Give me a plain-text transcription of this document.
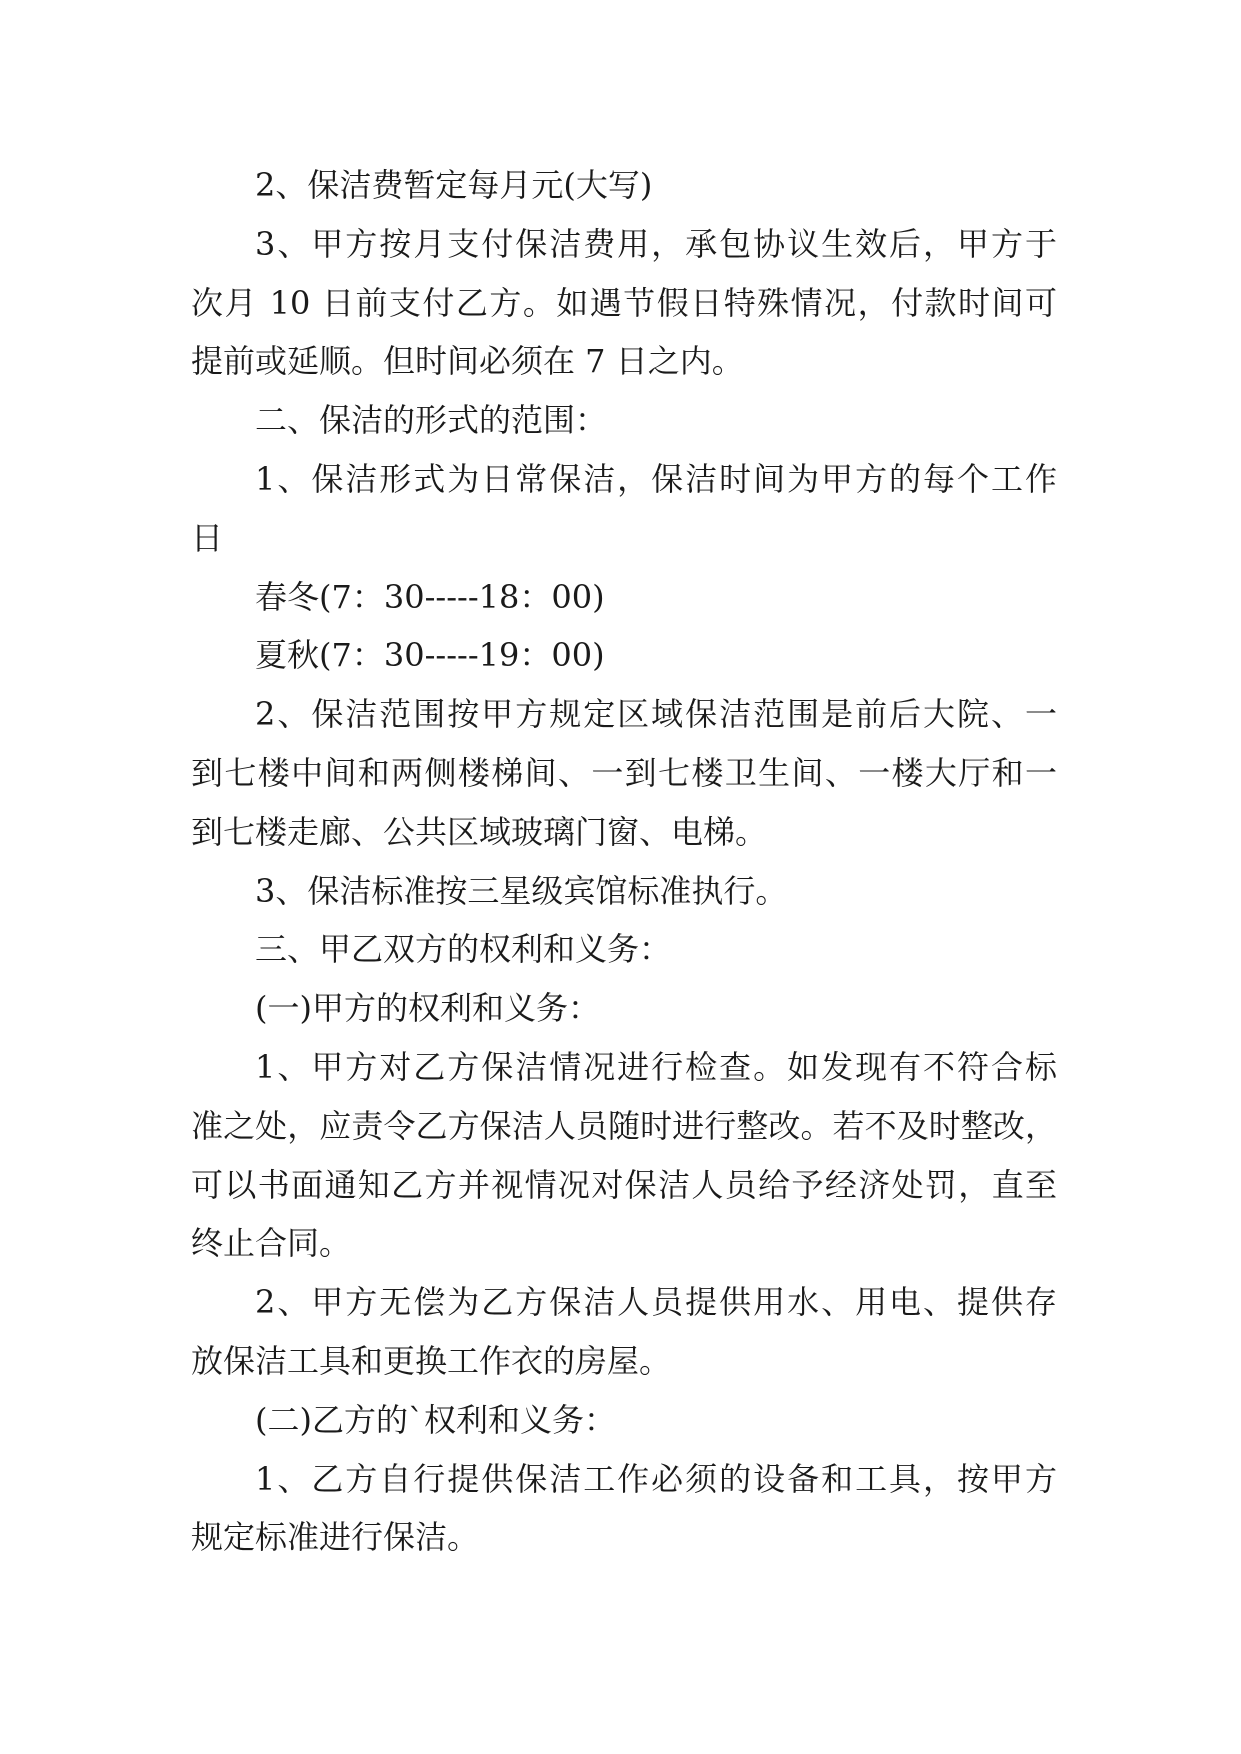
2、保洁费暂定每月元(大写)
3、甲方按月支付保洁费用，承包协议生效后，甲方于
次月 10 日前支付乙方。如遇节假日特殊情况，付款时间可
提前或延顺。但时间必须在 7 日之内。
二、保洁的形式的范围：
1、保洁形式为日常保洁，保洁时间为甲方的每个工作
日
春冬(7：30-----18：00)
夏秋(7：30-----19：00)
2、保洁范围按甲方规定区域保洁范围是前后大院、一
到七楼中间和两侧楼梯间、一到七楼卫生间、一楼大厅和一
到七楼走廊、公共区域玻璃门窗、电梯。
3、保洁标准按三星级宾馆标准执行。
三、甲乙双方的权利和义务：
(一)甲方的权利和义务：
1、甲方对乙方保洁情况进行检查。如发现有不符合标
准之处，应责令乙方保洁人员随时进行整改。若不及时整改，
可以书面通知乙方并视情况对保洁人员给予经济处罚，直至
终止合同。
2、甲方无偿为乙方保洁人员提供用水、用电、提供存
放保洁工具和更换工作衣的房屋。
(二)乙方的`权利和义务：
1、乙方自行提供保洁工作必须的设备和工具，按甲方
规定标准进行保洁。
